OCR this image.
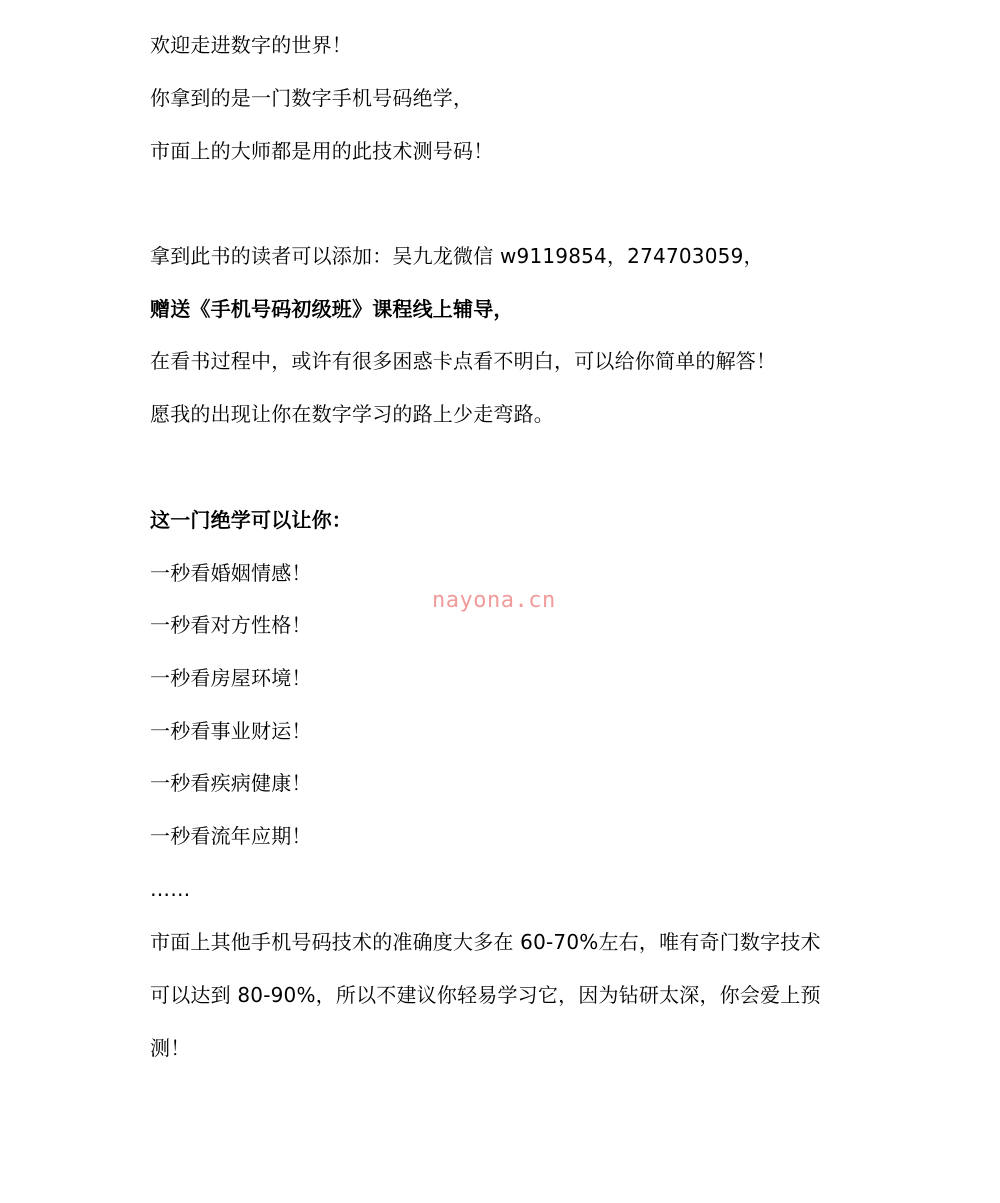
欢迎走进数字的世界！
你拿到的是一门数字手机号码绝学，
市面上的大师都是用的此技术测号码！
拿到此书的读者可以添加：吴九龙微信 w9119854，274703059，
赠送《手机号码初级班》课程线上辅导，
在看书过程中，或许有很多困惑卡点看不明白，可以给你简单的解答！
愿我的出现让你在数字学习的路上少走弯路。
这一门绝学可以让你：
一秒看婚姻情感！
一秒看对方性格！
一秒看房屋环境！
一秒看事业财运！
一秒看疾病健康！
一秒看流年应期！
……
市面上其他手机号码技术的准确度大多在 60-70%左右，唯有奇门数字技术
可以达到 80-90%，所以不建议你轻易学习它，因为钻研太深，你会爱上预
测！
nayona.cn
